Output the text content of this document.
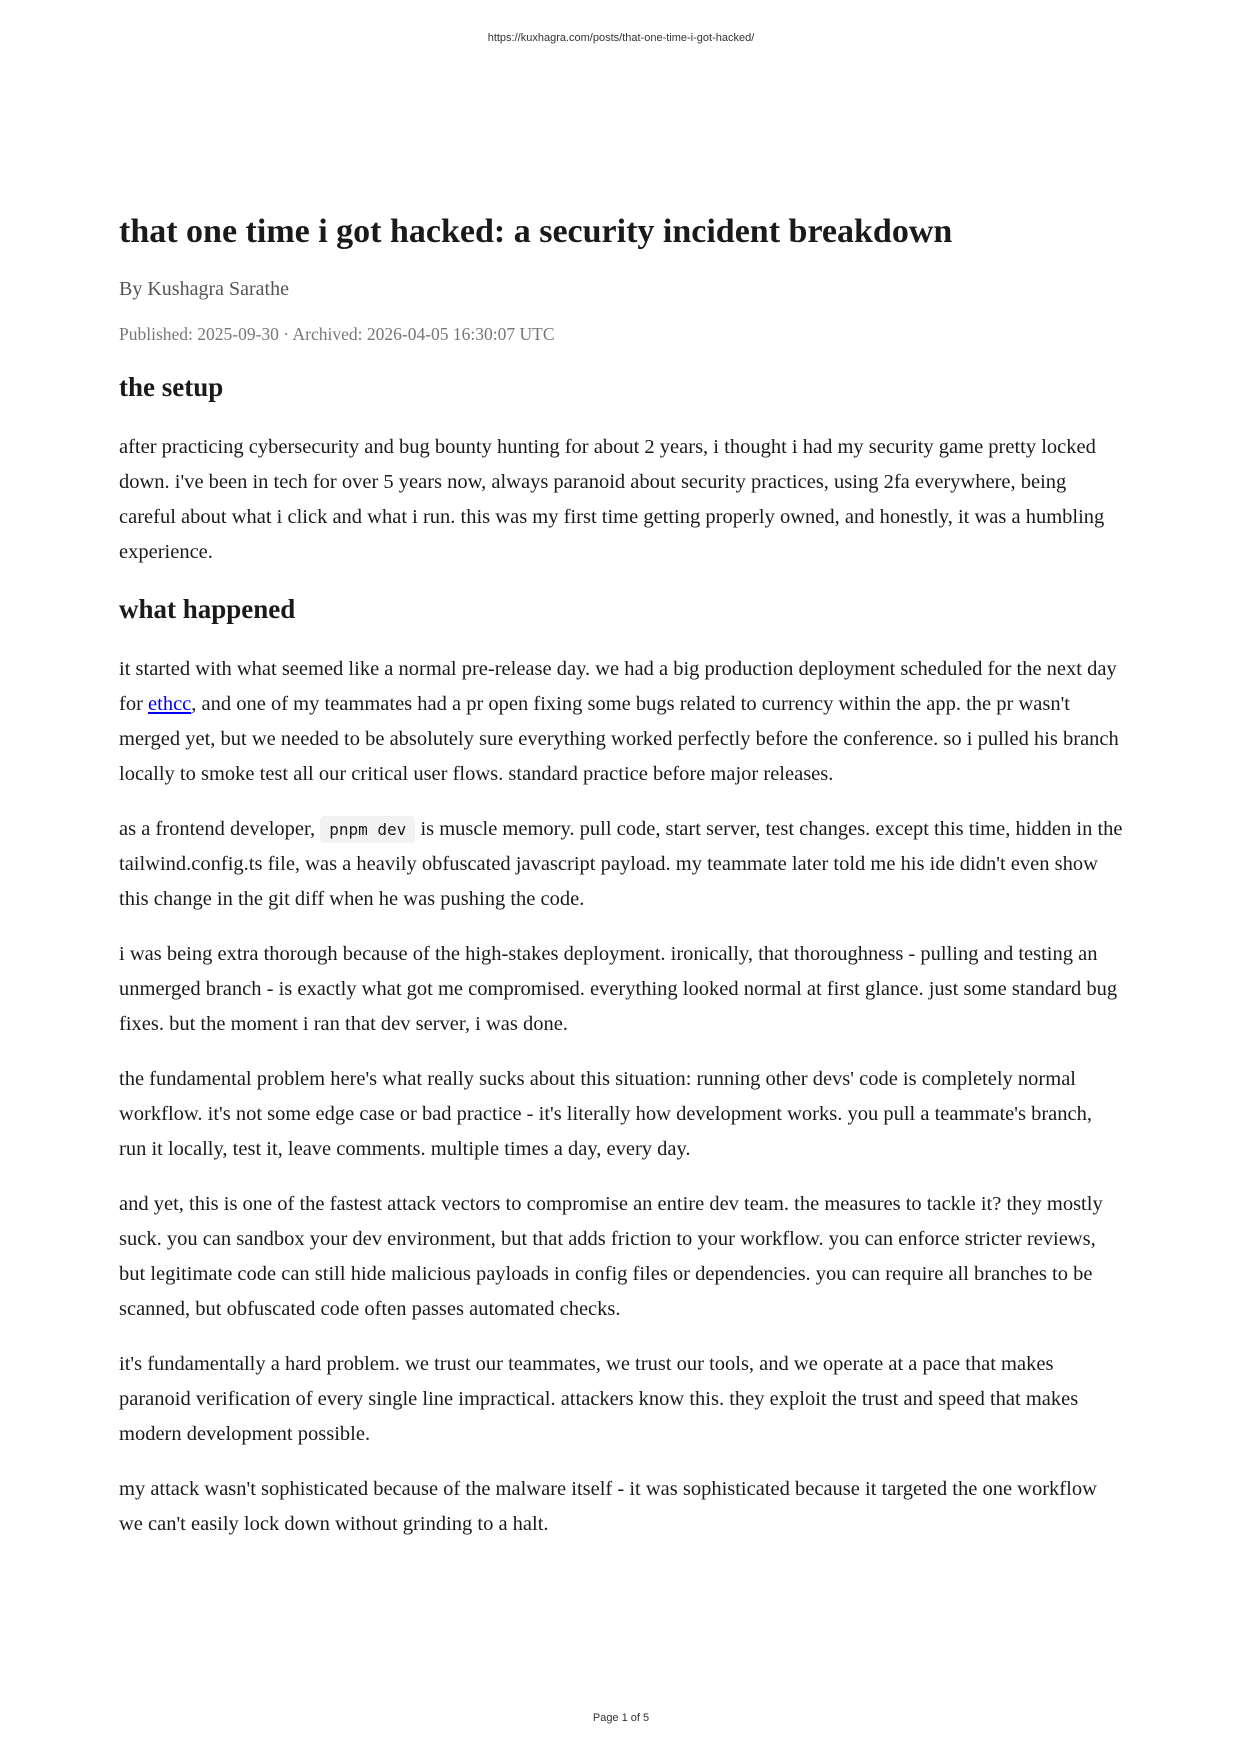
https://kuxhagra.com/posts/that-one-time-i-got-hacked/
that one time i got hacked: a security incident breakdown
By Kushagra Sarathe
Published: 2025-09-30 · Archived: 2026-04-05 16:30:07 UTC
the setup

after practicing cybersecurity and bug bounty hunting for about 2 years, i thought i had my security game pretty locked down. i've been in tech for over 5 years now, always paranoid about security practices, using 2fa everywhere, being careful about what i click and what i run. this was my first time getting properly owned, and honestly, it was a humbling experience.

what happened

it started with what seemed like a normal pre-release day. we had a big production deployment scheduled for the next day for ethcc, and one of my teammates had a pr open fixing some bugs related to currency within the app. the pr wasn't merged yet, but we needed to be absolutely sure everything worked perfectly before the conference. so i pulled his branch locally to smoke test all our critical user flows. standard practice before major releases.

as a frontend developer, pnpm dev is muscle memory. pull code, start server, test changes. except this time, hidden in the tailwind.config.ts file, was a heavily obfuscated javascript payload. my teammate later told me his ide didn't even show this change in the git diff when he was pushing the code.

i was being extra thorough because of the high-stakes deployment. ironically, that thoroughness - pulling and testing an unmerged branch - is exactly what got me compromised. everything looked normal at first glance. just some standard bug fixes. but the moment i ran that dev server, i was done.

the fundamental problem here's what really sucks about this situation: running other devs' code is completely normal workflow. it's not some edge case or bad practice - it's literally how development works. you pull a teammate's branch, run it locally, test it, leave comments. multiple times a day, every day.

and yet, this is one of the fastest attack vectors to compromise an entire dev team. the measures to tackle it? they mostly suck. you can sandbox your dev environment, but that adds friction to your workflow. you can enforce stricter reviews, but legitimate code can still hide malicious payloads in config files or dependencies. you can require all branches to be scanned, but obfuscated code often passes automated checks.

it's fundamentally a hard problem. we trust our teammates, we trust our tools, and we operate at a pace that makes paranoid verification of every single line impractical. attackers know this. they exploit the trust and speed that makes modern development possible.

my attack wasn't sophisticated because of the malware itself - it was sophisticated because it targeted the one workflow we can't easily lock down without grinding to a halt.

Page 1 of 5
